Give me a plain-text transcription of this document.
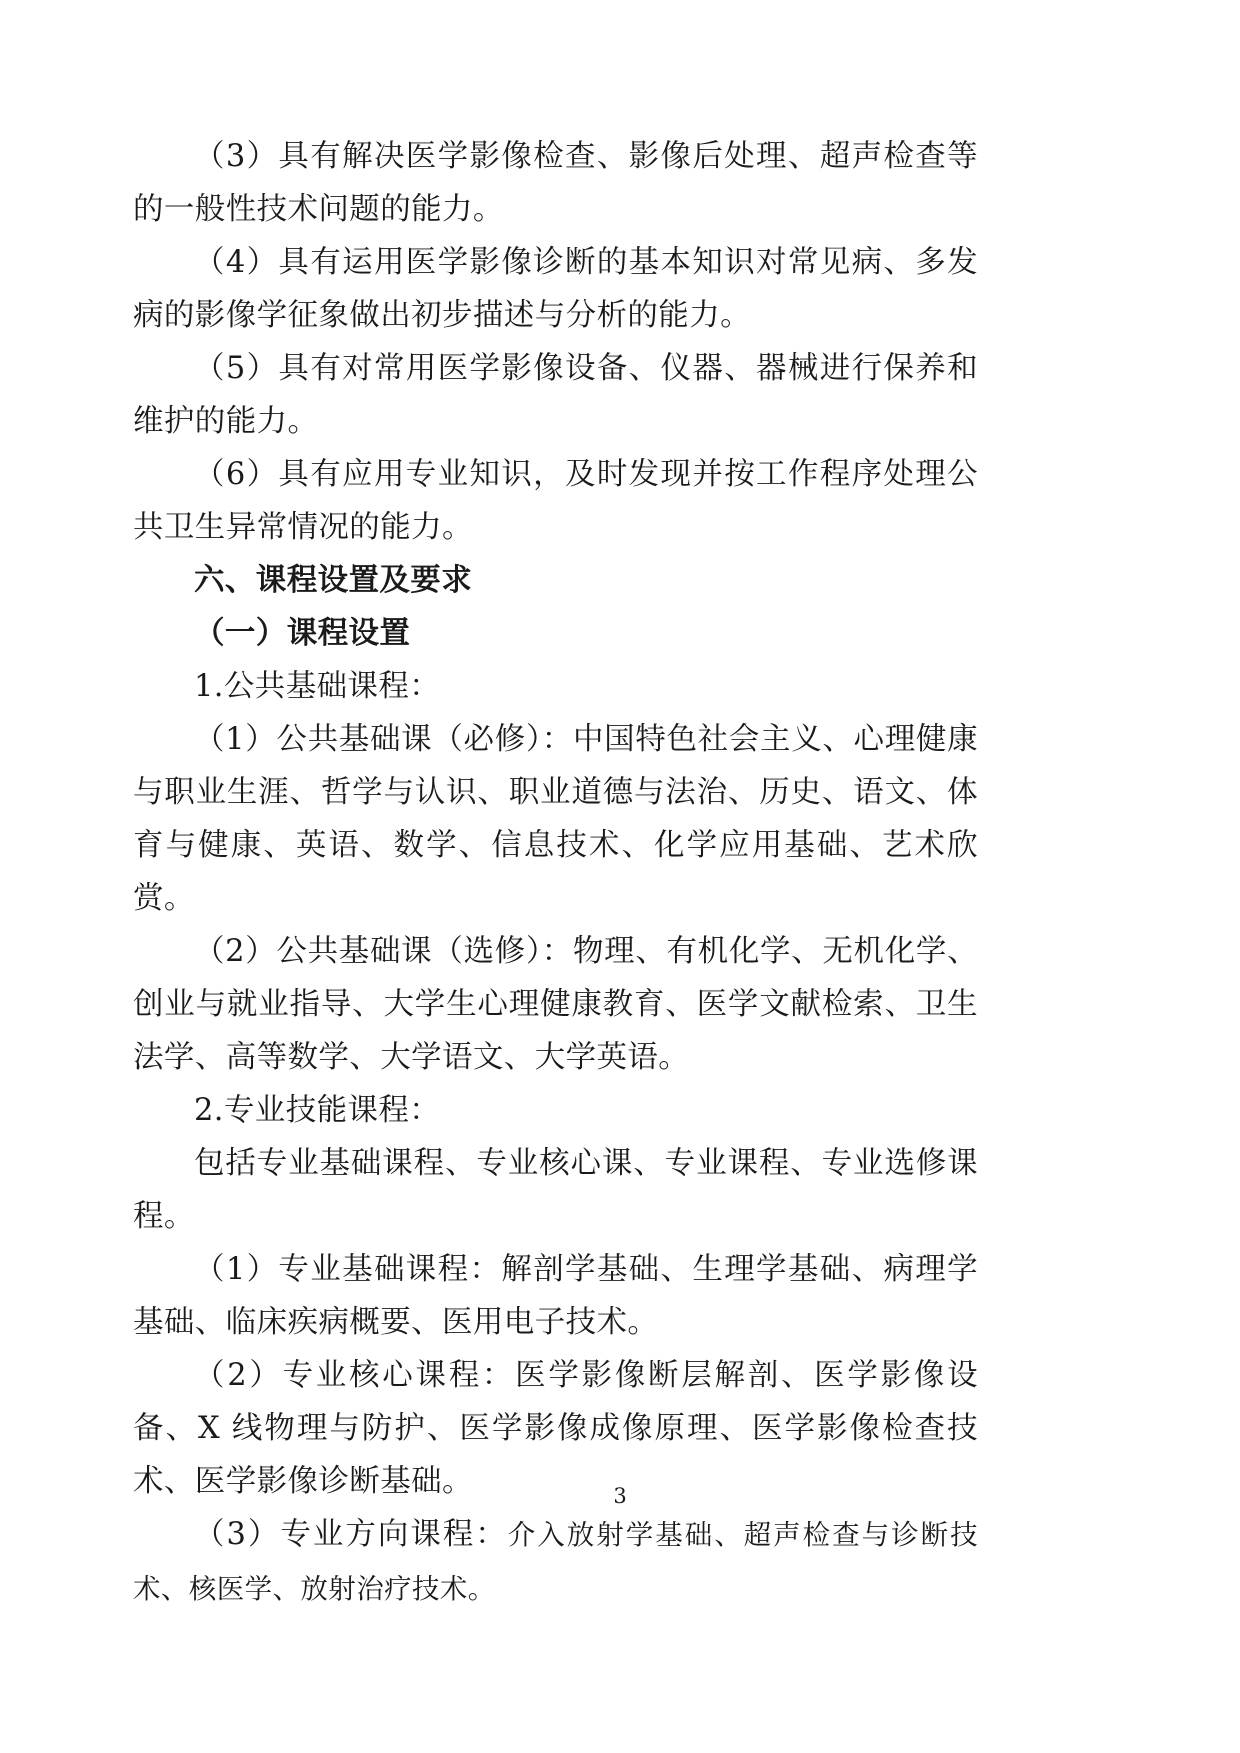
（3）具有解决医学影像检查、影像后处理、超声检查等的一般性技术问题的能力。

（4）具有运用医学影像诊断的基本知识对常见病、多发病的影像学征象做出初步描述与分析的能力。

（5）具有对常用医学影像设备、仪器、器械进行保养和维护的能力。

（6）具有应用专业知识，及时发现并按工作程序处理公共卫生异常情况的能力。

六、课程设置及要求

（一）课程设置

1.公共基础课程：

（1）公共基础课（必修）：中国特色社会主义、心理健康与职业生涯、哲学与认识、职业道德与法治、历史、语文、体育与健康、英语、数学、信息技术、化学应用基础、艺术欣赏。

（2）公共基础课（选修）：物理、有机化学、无机化学、创业与就业指导、大学生心理健康教育、医学文献检索、卫生法学、高等数学、大学语文、大学英语。

2.专业技能课程：

包括专业基础课程、专业核心课、专业课程、专业选修课程。

（1）专业基础课程：解剖学基础、生理学基础、病理学基础、临床疾病概要、医用电子技术。

（2）专业核心课程：医学影像断层解剖、医学影像设备、X 线物理与防护、医学影像成像原理、医学影像检查技术、医学影像诊断基础。

（3）专业方向课程：介入放射学基础、超声检查与诊断技术、核医学、放射治疗技术。

3
